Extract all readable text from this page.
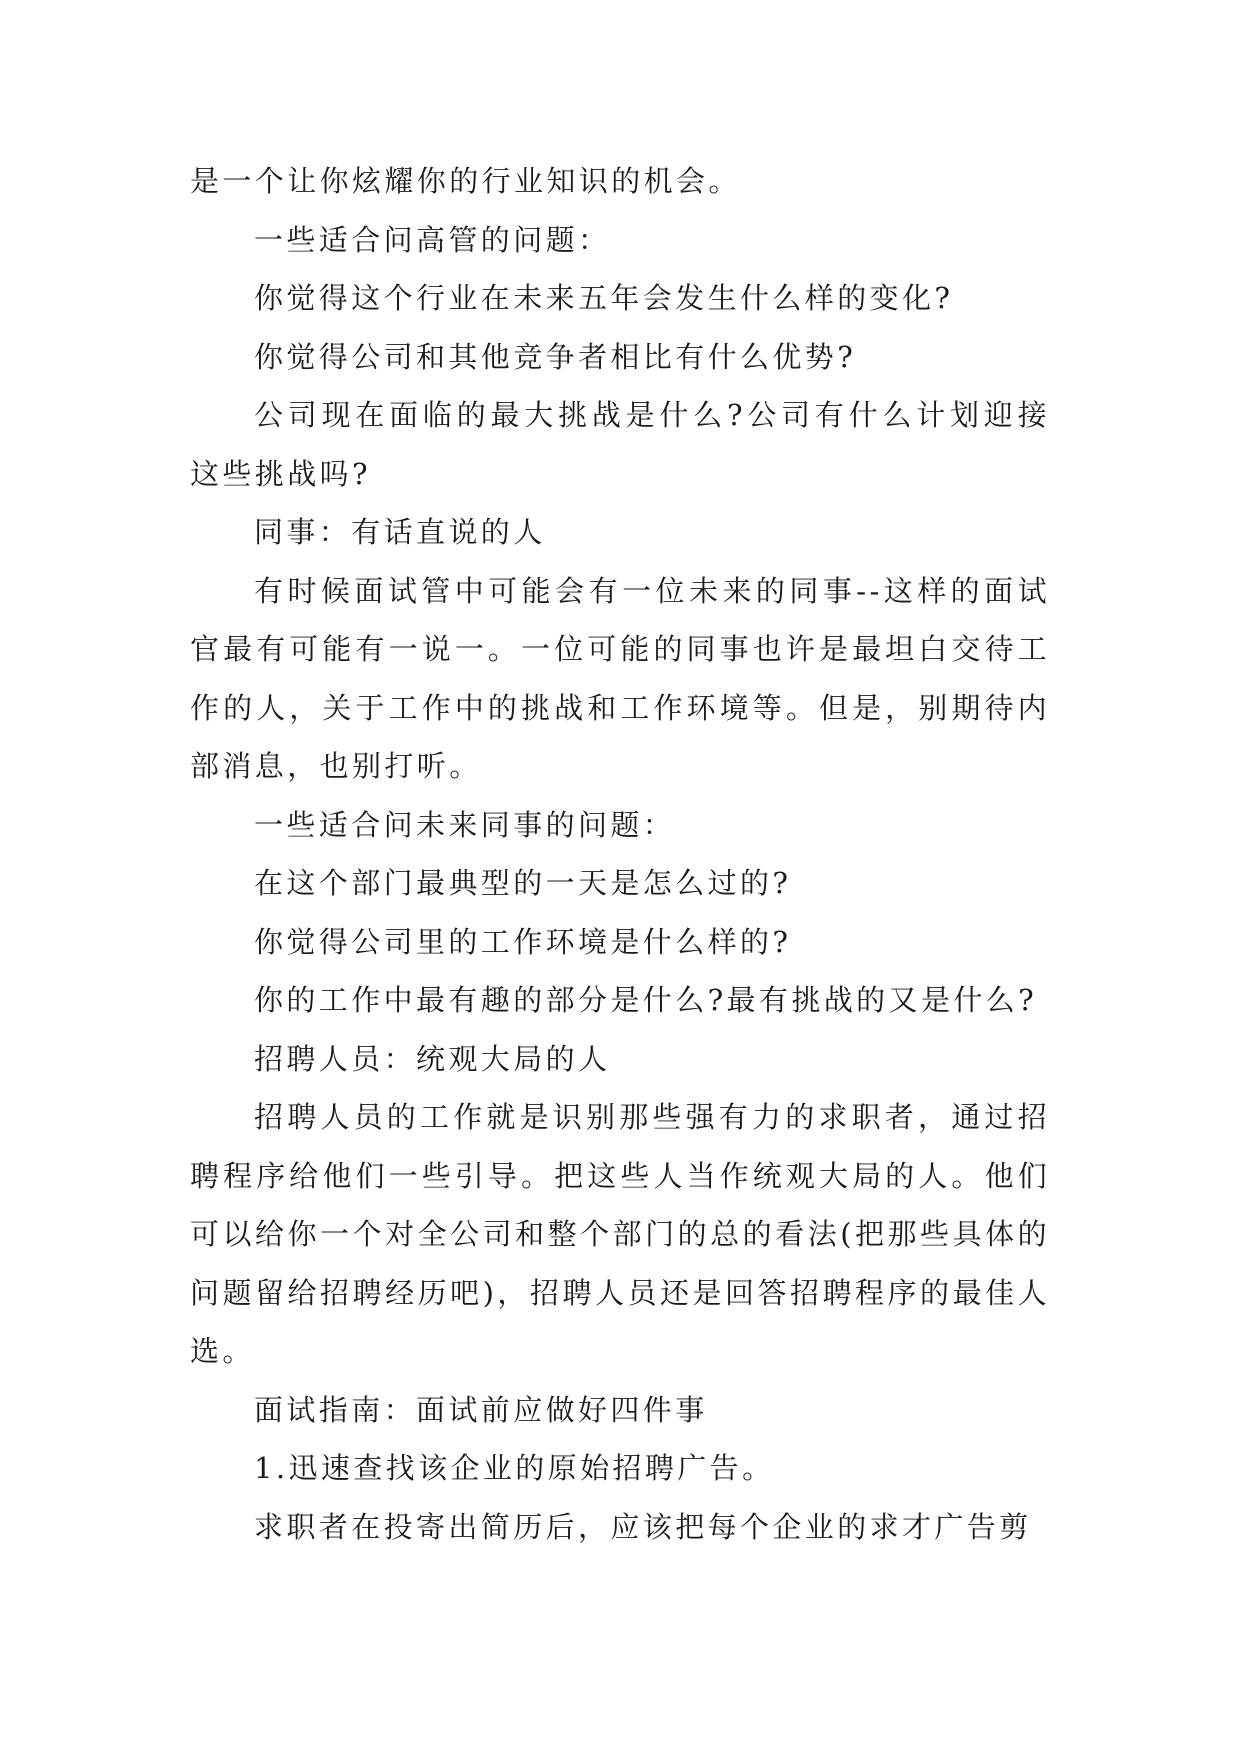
是一个让你炫耀你的行业知识的机会。

一些适合问高管的问题：

你觉得这个行业在未来五年会发生什么样的变化?

你觉得公司和其他竞争者相比有什么优势?

公司现在面临的最大挑战是什么?公司有什么计划迎接这些挑战吗?

同事：有话直说的人

有时候面试管中可能会有一位未来的同事--这样的面试官最有可能有一说一。一位可能的同事也许是最坦白交待工作的人，关于工作中的挑战和工作环境等。但是，别期待内部消息，也别打听。

一些适合问未来同事的问题：

在这个部门最典型的一天是怎么过的?

你觉得公司里的工作环境是什么样的?

你的工作中最有趣的部分是什么?最有挑战的又是什么?

招聘人员：统观大局的人

招聘人员的工作就是识别那些强有力的求职者，通过招聘程序给他们一些引导。把这些人当作统观大局的人。他们可以给你一个对全公司和整个部门的总的看法(把那些具体的问题留给招聘经历吧)，招聘人员还是回答招聘程序的最佳人选。

面试指南：面试前应做好四件事

1.迅速查找该企业的原始招聘广告。

求职者在投寄出简历后，应该把每个企业的求才广告剪
